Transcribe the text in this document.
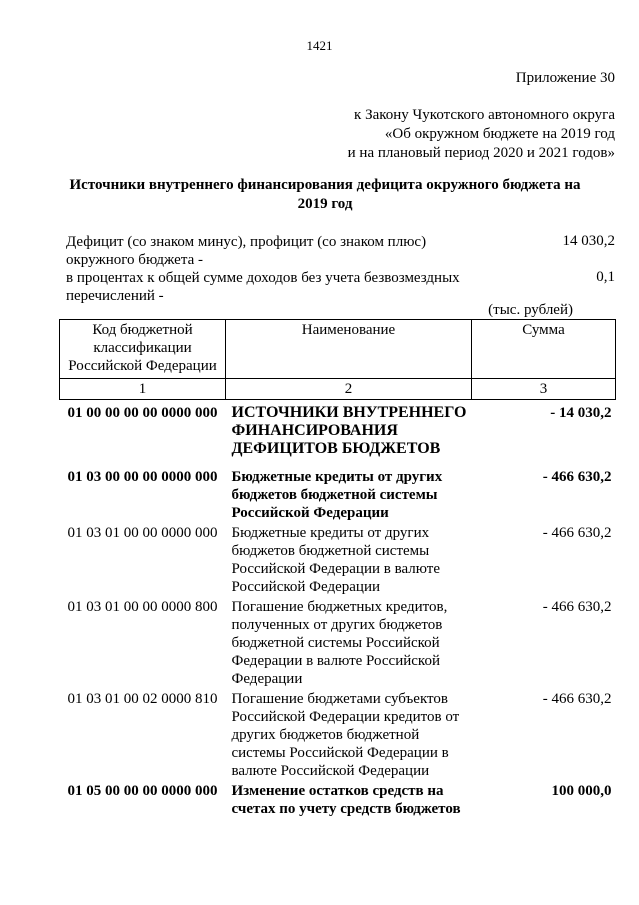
1421
Приложение 30
к Закону Чукотского автономного округа
«Об окружном бюджете на 2019 год
и на плановый период 2020 и 2021 годов»
Источники внутреннего финансирования дефицита окружного бюджета на 2019 год
Дефицит (со знаком минус), профицит (со знаком плюс) окружного бюджета -
14 030,2
в процентах к общей сумме доходов без учета безвозмездных перечислений -
0,1
(тыс. рублей)
Код бюджетной классификации Российской Федерации	Наименование	Сумма
1	2	3
01 00 00 00 00 0000 000	ИСТОЧНИКИ ВНУТРЕННЕГО ФИНАНСИРОВАНИЯ ДЕФИЦИТОВ БЮДЖЕТОВ	- 14 030,2
01 03 00 00 00 0000 000	Бюджетные кредиты от других бюджетов бюджетной системы Российской Федерации	- 466 630,2
01 03 01 00 00 0000 000	Бюджетные кредиты от других бюджетов бюджетной системы Российской Федерации в валюте Российской Федерации	- 466 630,2
01 03 01 00 00 0000 800	Погашение бюджетных кредитов, полученных от других бюджетов бюджетной системы Российской Федерации в валюте Российской Федерации	- 466 630,2
01 03 01 00 02 0000 810	Погашение бюджетами субъектов Российской Федерации кредитов от других бюджетов бюджетной системы Российской Федерации в валюте Российской Федерации	- 466 630,2
01 05 00 00 00 0000 000	Изменение остатков средств на счетах по учету средств бюджетов	100 000,0
